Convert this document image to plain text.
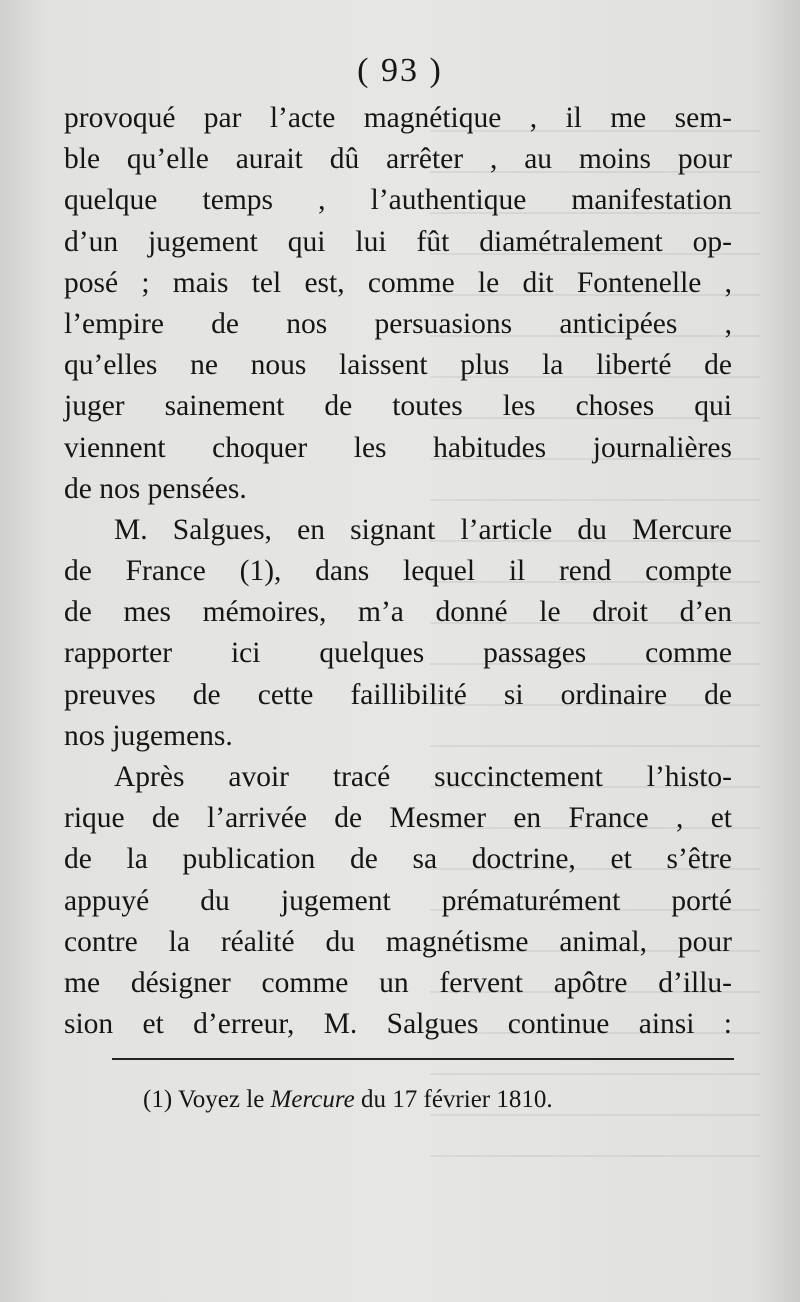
( 93 )
provoqué par l’acte magnétique , il me sem-
ble qu’elle aurait dû arrêter , au moins pour
quelque temps , l’authentique manifestation
d’un jugement qui lui fût diamétralement op-
posé ; mais tel est, comme le dit Fontenelle ,
l’empire de nos persuasions anticipées ,
qu’elles ne nous laissent plus la liberté de
juger sainement de toutes les choses qui
viennent choquer les habitudes journalières
de nos pensées.
M. Salgues, en signant l’article du Mercure
de France (1), dans lequel il rend compte
de mes mémoires, m’a donné le droit d’en
rapporter ici quelques passages comme
preuves de cette faillibilité si ordinaire de
nos jugemens.
Après avoir tracé succinctement l’histo-
rique de l’arrivée de Mesmer en France , et
de la publication de sa doctrine, et s’être
appuyé du jugement prématurément porté
contre la réalité du magnétisme animal, pour
me désigner comme un fervent apôtre d’illu-
sion et d’erreur, M. Salgues continue ainsi :
(1) Voyez le Mercure du 17 février 1810.
